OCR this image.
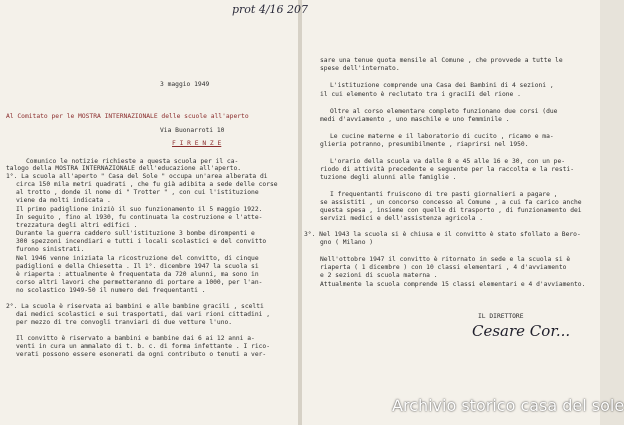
3 maggio 1949
Al Comitato per le MOSTRA INTERNAZIONALE delle scuole all'aperto
Via Buonarroti 10
F I R E N Z E
Comunico le notizie richieste a questa scuola per il ca-
talogo della MOSTRA INTERNAZIONALE dell'educazione all'aperto.
1°. La scuola all'aperto " Casa del Sole " occupa un'area alberata di
circa 150 mila metri quadrati , che fu già adibita a sede delle corse
al trotto , donde il nome di " Trotter " , con cui l'istituzione
viene da molti indicata .
Il primo padiglione iniziò il suo funzionamento il 5 maggio 1922.
In seguito , fino al 1930, fu continuata la costruzione e l'atte-
trezzatura degli altri edifici .
Durante la guerra caddero sull'istituzione 3 bombe dirompenti e
300 spezzoni incendiari e tutti i locali scolastici e del convitto
furono sinistrati.
Nel 1946 venne iniziata la ricostruzione del convitto, di cinque
padiglioni e della Chiesetta . Il 1°. dicembre 1947 la scuola si
è riaperta : attualmente è frequentata da 720 alunni, ma sono in
corso altri lavori che permetteranno di portare a 1000, per l'an-
no scolastico 1949-50 il numero dei frequentanti .
2°. La scuola è riservata ai bambini e alle bambine gracili , scelti
dai medici scolastici e sui trasportati, dai vari rioni cittadini ,
per mezzo di tre convogli tranviari di due vetture l'uno.
Il convitto è riservato a bambini e bambine dai 6 ai 12 anni a-
venti in cura un ammalato di t. b. c. di forma infettante . I rico-
verati possono essere esonerati da ogni contributo o tenuti a ver-
sare una tenue quota mensile al Comune , che provvede a tutte le
spese dell'internato.
L'istituzione comprende una Casa dei Bambini di 4 sezioni ,
il cui elemento è reclutato tra i graciIi del rione .
Oltre al corso elementare completo funzionano due corsi (due
medi d'avviamento , uno maschile e uno femminile .
Le cucine materne e il laboratorio di cucito , ricamo e ma-
glieria potranno, presumibilmente , riaprirsi nel 1950.
L'orario della scuola va dalle 8 e 45 alle 16 e 30, con un pe-
riodo di attività precedente e seguente per la raccolta e la resti-
tuzione degli alunni alle famiglie .
I frequentanti fruiscono di tre pasti giornalieri a pagare ,
se assistiti , un concorso concesso al Comune , a cui fa carico anche
questa spesa , insieme con quelle di trasporto , di funzionamento dei
servizi medici e dell'assistenza agricola .
3°. Nel 1943 la scuola si è chiusa e il convitto è stato sfollato a Bero-
gno ( Milano )
Nell'ottobre 1947 il convitto è ritornato in sede e la scuola si è
riaperta ( 1 dicembre ) con 10 classi elementari , 4 d'avviamento
e 2 sezioni di scuola materna .
Attualmente la scuola comprende 15 classi elementari e 4 d'avviamento.
IL DIRETTORE
Cesare Cor...
prot 4/16 207
Archivio storico casa del sole
